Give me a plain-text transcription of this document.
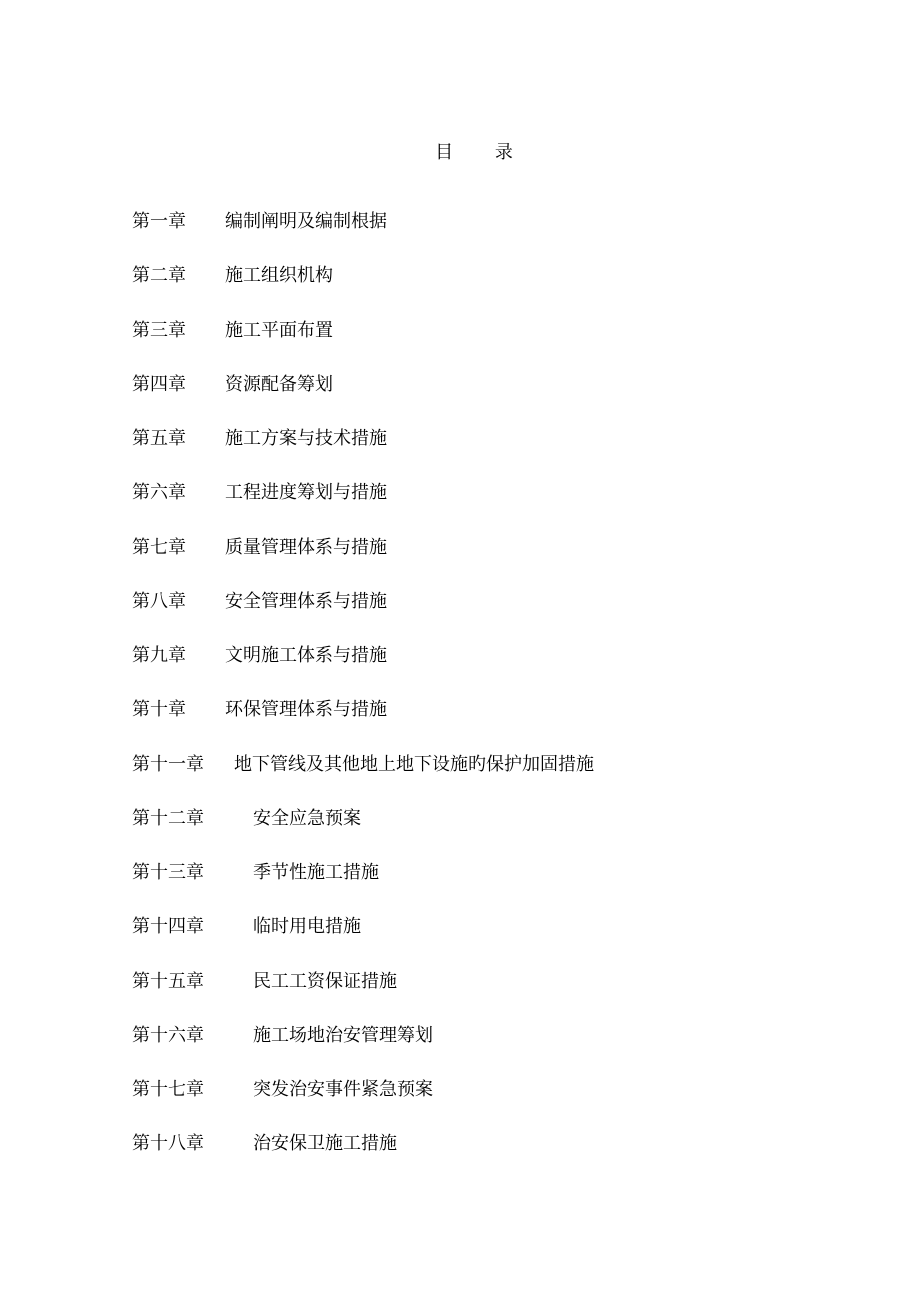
目 录
第一章	编制阐明及编制根据
第二章	施工组织机构
第三章	施工平面布置
第四章	资源配备筹划
第五章	施工方案与技术措施
第六章	工程进度筹划与措施
第七章	质量管理体系与措施
第八章	安全管理体系与措施
第九章	文明施工体系与措施
第十章	环保管理体系与措施
第十一章	地下管线及其他地上地下设施旳保护加固措施
第十二章	安全应急预案
第十三章	季节性施工措施
第十四章	临时用电措施
第十五章	民工工资保证措施
第十六章	施工场地治安管理筹划
第十七章	突发治安事件紧急预案
第十八章	治安保卫施工措施
